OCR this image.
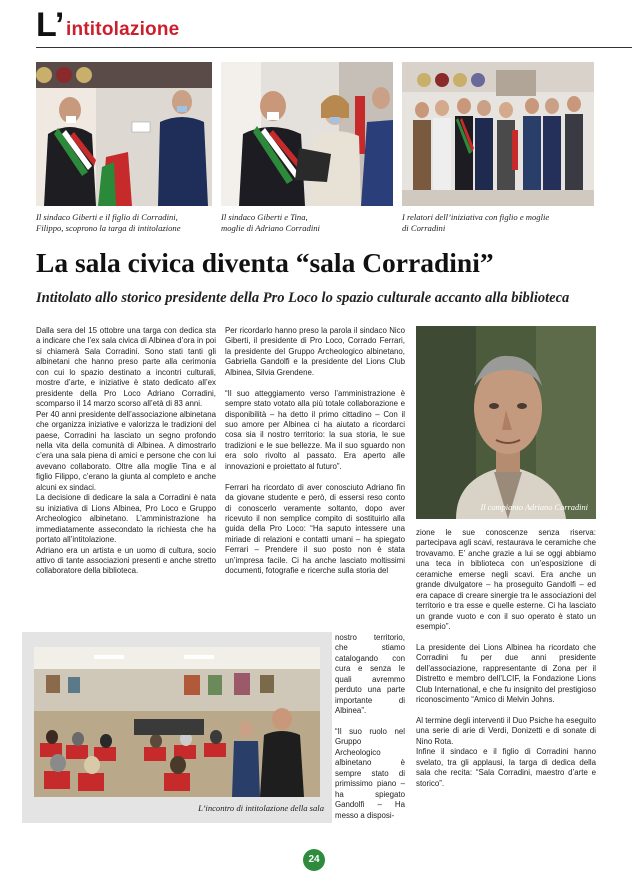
L’ intitolazione
Il sindaco Giberti e il figlio di Corradini,
Filippo, scoprono la targa di intitolazione
Il sindaco Giberti e Tina,
moglie di Adriano Corradini
I relatori dell’iniziativa con figlio e moglie
di Corradini
La sala civica diventa “sala Corradini”
Intitolato allo storico presidente della Pro Loco lo spazio culturale accanto alla biblioteca

Dalla sera del 15 ottobre una targa con dedica sta a indicare che l’ex sala civica di Albinea d’ora in poi si chiamerà Sala Corradini. Sono stati tanti gli albinetani che hanno preso parte alla cerimonia con cui lo spazio destinato a incontri culturali, mostre d’arte, e iniziative è stato dedicato all’ex presidente della Pro Loco Adriano Corradini, scomparso il 14 marzo scorso all’età di 83 anni.

Per 40 anni presidente dell’associazione albinetana che organizza iniziative e valorizza le tradizioni del paese, Corradini ha lasciato un segno profondo nella vita della comunità di Albinea. A dimostrarlo c’era una sala piena di amici e persone che con lui avevano collaborato. Oltre alla moglie Tina e al figlio Filippo, c’erano la giunta al completo e anche alcuni ex sindaci.

La decisione di dedicare la sala a Corradini è nata su iniziativa di Lions Albinea, Pro Loco e Gruppo Archeologico albinetano. L’amministrazione ha immediatamente assecondato la richiesta che ha portato all’intitolazione.

Adriano era un artista e un uomo di cultura, socio attivo di tante associazioni presenti e anche stretto collaboratore della biblioteca.

Per ricordarlo hanno preso la parola il sindaco Nico Giberti, il presidente di Pro Loco, Corrado Ferrari, la presidente del Gruppo Archeologico albinetano, Gabriella Gandolfi e la presidente del Lions Club Albinea, Silvia Grendene.

“Il suo atteggiamento verso l’amministrazione è sempre stato votato alla più totale collaborazione e disponibilità – ha detto il primo cittadino – Con il suo amore per Albinea ci ha aiutato a ricordarci cosa sia il nostro territorio: la sua storia, le sue tradizioni e le sue bellezze. Ma il suo sguardo non era solo rivolto al passato. Era aperto alle innovazioni e proiettato al futuro”.

Ferrari ha ricordato di aver conosciuto Adriano fin da giovane studente e però, di essersi reso conto di conoscerlo veramente soltanto, dopo aver ricevuto il non semplice compito di sostituirlo alla guida della Pro Loco: “Ha saputo intessere una miriade di relazioni e contatti umani – ha spiegato Ferrari – Prendere il suo posto non è stata un’impresa facile. Ci ha anche lasciato moltissimi documenti, fotografie e ricerche sulla storia del

nostro territorio, che stiamo catalogando con cura e senza le quali avremmo perduto una parte importante di Albinea”.

“Il suo ruolo nel Gruppo Archeologico albinetano è sempre stato di primissimo piano – ha spiegato Gandolfi – Ha messo a disposi-

Il compianto Adriano Corradini

zione le sue conoscenze senza riserva: partecipava agli scavi, restaurava le ceramiche che trovavamo. E’ anche grazie a lui se oggi abbiamo una teca in biblioteca con un’esposizione di ceramiche emerse negli scavi. Era anche un grande divulgatore – ha proseguito Gandolfi – ed era capace di creare sinergie tra le associazioni del territorio e tra esse e quelle esterne. Ci ha lasciato un grande vuoto e con il suo operato è stato un esempio”.

La presidente dei Lions Albinea ha ricordato che Corradini fu per due anni presidente dell’associazione, rappresentante di Zona per il Distretto e membro dell’LCIF, la Fondazione Lions Club International, e che fu insignito del prestigioso riconoscimento “Amico di Melvin Johns.

Al termine degli interventi il Duo Psiche ha eseguito una serie di arie di Verdi, Donizetti e di sonate di Nino Rota.

Infine il sindaco e il figlio di Corradini hanno svelato, tra gli applausi, la targa di dedica della sala che recita: “Sala Corradini, maestro d’arte e storico”.

L’incontro di intitolazione della sala
24
